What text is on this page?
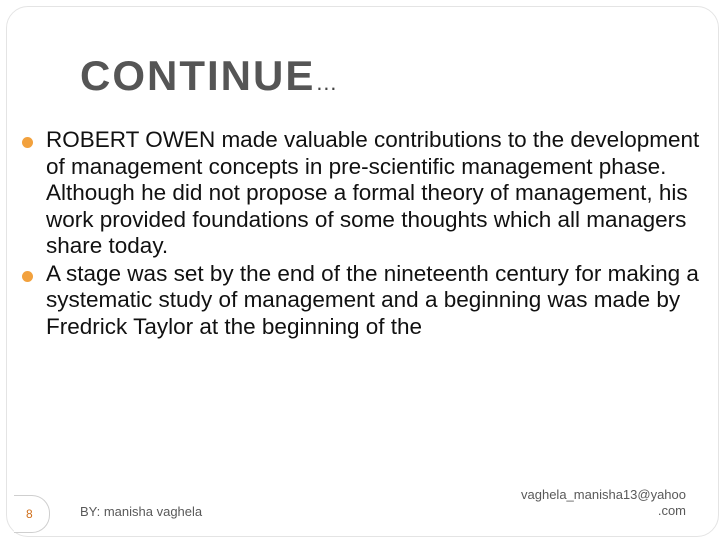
CONTINUE…
ROBERT OWEN made valuable contributions to the development of management concepts in pre-scientific management phase. Although he did not propose a formal theory of management, his work provided foundations of some thoughts which all managers share today.
A stage was set by the end of the nineteenth century for making a systematic study of management and a beginning was made by Fredrick Taylor at the beginning of the
8	BY: manisha vaghela
vaghela_manisha13@yahoo
.com
